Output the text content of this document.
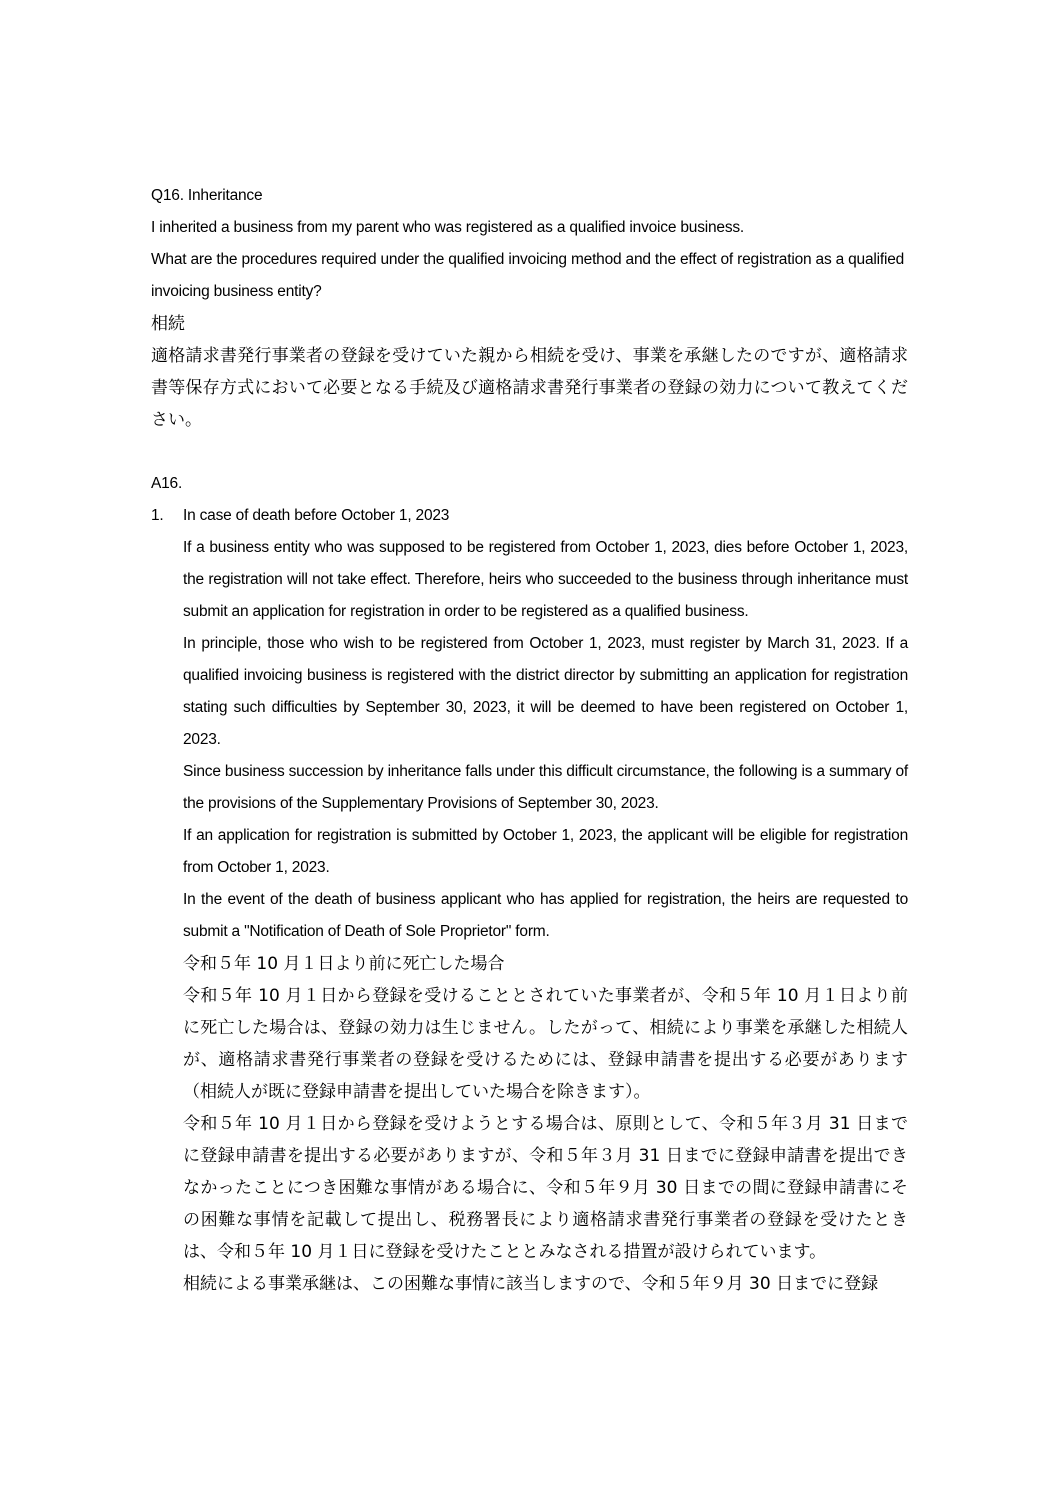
Q16. Inheritance

I inherited a business from my parent who was registered as a qualified invoice business.

What are the procedures required under the qualified invoicing method and the effect of registration as a qualified invoicing business entity?

相続

適格請求書発行事業者の登録を受けていた親から相続を受け、事業を承継したのですが、適格請求書等保存方式において必要となる手続及び適格請求書発行事業者の登録の効力について教えてください。

A16.

1.	In case of death before October 1, 2023

If a business entity who was supposed to be registered from October 1, 2023, dies before October 1, 2023, the registration will not take effect. Therefore, heirs who succeeded to the business through inheritance must submit an application for registration in order to be registered as a qualified business.

In principle, those who wish to be registered from October 1, 2023, must register by March 31, 2023. If a qualified invoicing business is registered with the district director by submitting an application for registration stating such difficulties by September 30, 2023, it will be deemed to have been registered on October 1, 2023.

Since business succession by inheritance falls under this difficult circumstance, the following is a summary of the provisions of the Supplementary Provisions of September 30, 2023.

If an application for registration is submitted by October 1, 2023, the applicant will be eligible for registration from October 1, 2023.

In the event of the death of business applicant who has applied for registration, the heirs are requested to submit a "Notification of Death of Sole Proprietor" form.

令和５年 10 月１日より前に死亡した場合

令和５年 10 月１日から登録を受けることとされていた事業者が、令和５年 10 月１日より前に死亡した場合は、登録の効力は生じません。したがって、相続により事業を承継した相続人が、適格請求書発行事業者の登録を受けるためには、登録申請書を提出する必要があります（相続人が既に登録申請書を提出していた場合を除きます）。

令和５年 10 月１日から登録を受けようとする場合は、原則として、令和５年３月 31 日までに登録申請書を提出する必要がありますが、令和５年３月 31 日までに登録申請書を提出できなかったことにつき困難な事情がある場合に、令和５年９月 30 日までの間に登録申請書にその困難な事情を記載して提出し、税務署長により適格請求書発行事業者の登録を受けたときは、令和５年 10 月１日に登録を受けたこととみなされる措置が設けられています。

相続による事業承継は、この困難な事情に該当しますので、令和５年９月 30 日までに登録
